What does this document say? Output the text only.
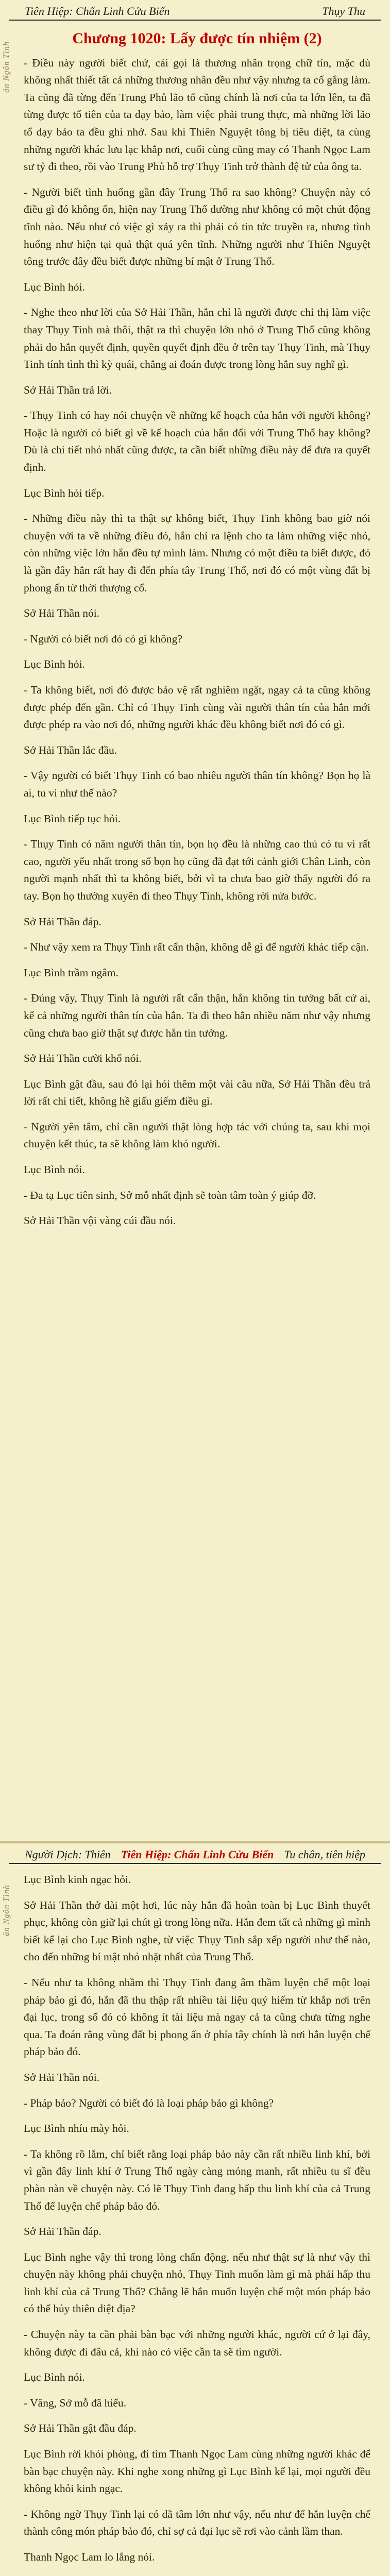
Tiên Hiệp: Chấn Linh Cửu Biến	Thụy Thu
ăn Ngôn Tình
Chương 1020: Lấy được tín nhiệm (2)

- Điều này người biết chứ, cái gọi là thương nhân trọng chữ tín, mặc dù không nhất thiết tất cả những thương nhân đều như vậy nhưng ta cố gắng làm. Ta cũng đã từng đến Trung Phủ lão tổ cũng chính là nơi của ta lớn lên, ta đã từng được tổ tiên của ta dạy bảo, làm việc phải trung thực, mà những lời lão tổ dạy bảo ta đều ghi nhớ. Sau khi Thiên Nguyệt tông bị tiêu diệt, ta cùng những người khác lưu lạc khắp nơi, cuối cùng cũng may có Thanh Ngọc Lam sư tỷ đi theo, rồi vào Trung Phủ hỗ trợ Thụy Tinh trở thành đệ tử của ông ta.

- Người biết tình huống gần đây Trung Thổ ra sao không? Chuyện này có điều gì đó không ổn, hiện nay Trung Thổ dường như không có một chút động tĩnh nào. Nếu như có việc gì xảy ra thì phải có tin tức truyền ra, nhưng tình huống như hiện tại quả thật quá yên tĩnh. Những người như Thiên Nguyệt tông trước đây đều biết được những bí mật ở Trung Thổ.

Lục Bình hỏi.

- Nghe theo như lời của Sở Hải Thần, hắn chỉ là người được chỉ thị làm việc thay Thụy Tinh mà thôi, thật ra thì chuyện lớn nhỏ ở Trung Thổ cũng không phải do hắn quyết định, quyền quyết định đều ở trên tay Thụy Tinh, mà Thụy Tinh tính tình thì kỳ quái, chẳng ai đoán được trong lòng hắn suy nghĩ gì.

Sở Hải Thần trả lời.

- Thụy Tinh có hay nói chuyện về những kế hoạch của hắn với người không? Hoặc là người có biết gì về kế hoạch của hắn đối với Trung Thổ hay không? Dù là chi tiết nhỏ nhất cũng được, ta cần biết những điều này để đưa ra quyết định.

Lục Bình hỏi tiếp.

- Những điều này thì ta thật sự không biết, Thụy Tinh không bao giờ nói chuyện với ta về những điều đó, hắn chỉ ra lệnh cho ta làm những việc nhỏ, còn những việc lớn hắn đều tự mình làm. Nhưng có một điều ta biết được, đó là gần đây hắn rất hay đi đến phía tây Trung Thổ, nơi đó có một vùng đất bị phong ấn từ thời thượng cổ.

Sở Hải Thần nói.

- Người có biết nơi đó có gì không?

Lục Bình hỏi.

- Ta không biết, nơi đó được bảo vệ rất nghiêm ngặt, ngay cả ta cũng không được phép đến gần. Chỉ có Thụy Tinh cùng vài người thân tín của hắn mới được phép ra vào nơi đó, những người khác đều không biết nơi đó có gì.

Sở Hải Thần lắc đầu.

- Vậy người có biết Thụy Tinh có bao nhiêu người thân tín không? Bọn họ là ai, tu vi như thế nào?

Lục Bình tiếp tục hỏi.

- Thụy Tinh có năm người thân tín, bọn họ đều là những cao thủ có tu vi rất cao, người yếu nhất trong số bọn họ cũng đã đạt tới cảnh giới Chân Linh, còn người mạnh nhất thì ta không biết, bởi vì ta chưa bao giờ thấy người đó ra tay. Bọn họ thường xuyên đi theo Thụy Tinh, không rời nửa bước.

Sở Hải Thần đáp.

- Như vậy xem ra Thụy Tinh rất cẩn thận, không dễ gì để người khác tiếp cận.

Lục Bình trầm ngâm.

- Đúng vậy, Thụy Tinh là người rất cẩn thận, hắn không tin tưởng bất cứ ai, kể cả những người thân tín của hắn. Ta đi theo hắn nhiều năm như vậy nhưng cũng chưa bao giờ thật sự được hắn tin tưởng.

Sở Hải Thần cười khổ nói.

Lục Bình gật đầu, sau đó lại hỏi thêm một vài câu nữa, Sở Hải Thần đều trả lời rất chi tiết, không hề giấu giếm điều gì.

- Người yên tâm, chỉ cần người thật lòng hợp tác với chúng ta, sau khi mọi chuyện kết thúc, ta sẽ không làm khó người.

Lục Bình nói.

- Đa tạ Lục tiên sinh, Sở mỗ nhất định sẽ toàn tâm toàn ý giúp đỡ.

Sở Hải Thần vội vàng cúi đầu nói.

Người Dịch: Thiên Tiên Hiệp: Chấn Linh Cửu Biến Tu chân, tiên hiệp
ăn Ngôn Tình

Lục Bình kinh ngạc hỏi.

Sở Hải Thần thở dài một hơi, lúc này hắn đã hoàn toàn bị Lục Bình thuyết phục, không còn giữ lại chút gì trong lòng nữa. Hắn đem tất cả những gì mình biết kể lại cho Lục Bình nghe, từ việc Thụy Tinh sắp xếp người như thế nào, cho đến những bí mật nhỏ nhặt nhất của Trung Thổ.

- Nếu như ta không nhầm thì Thụy Tinh đang âm thầm luyện chế một loại pháp bảo gì đó, hắn đã thu thập rất nhiều tài liệu quý hiếm từ khắp nơi trên đại lục, trong số đó có không ít tài liệu mà ngay cả ta cũng chưa từng nghe qua. Ta đoán rằng vùng đất bị phong ấn ở phía tây chính là nơi hắn luyện chế pháp bảo đó.

Sở Hải Thần nói.

- Pháp bảo? Người có biết đó là loại pháp bảo gì không?

Lục Bình nhíu mày hỏi.

- Ta không rõ lắm, chỉ biết rằng loại pháp bảo này cần rất nhiều linh khí, bởi vì gần đây linh khí ở Trung Thổ ngày càng mỏng manh, rất nhiều tu sĩ đều phàn nàn về chuyện này. Có lẽ Thụy Tinh đang hấp thu linh khí của cả Trung Thổ để luyện chế pháp bảo đó.

Sở Hải Thần đáp.

Lục Bình nghe vậy thì trong lòng chấn động, nếu như thật sự là như vậy thì chuyện này không phải chuyện nhỏ, Thụy Tinh muốn làm gì mà phải hấp thu linh khí của cả Trung Thổ? Chẳng lẽ hắn muốn luyện chế một món pháp bảo có thể hủy thiên diệt địa?

- Chuyện này ta cần phải bàn bạc với những người khác, người cứ ở lại đây, không được đi đâu cả, khi nào có việc cần ta sẽ tìm người.

Lục Bình nói.

- Vâng, Sở mỗ đã hiểu.

Sở Hải Thần gật đầu đáp.

Lục Bình rời khỏi phòng, đi tìm Thanh Ngọc Lam cùng những người khác để bàn bạc chuyện này. Khi nghe xong những gì Lục Bình kể lại, mọi người đều không khỏi kinh ngạc.

- Không ngờ Thụy Tinh lại có dã tâm lớn như vậy, nếu như để hắn luyện chế thành công món pháp bảo đó, chỉ sợ cả đại lục sẽ rơi vào cảnh lầm than.

Thanh Ngọc Lam lo lắng nói.
